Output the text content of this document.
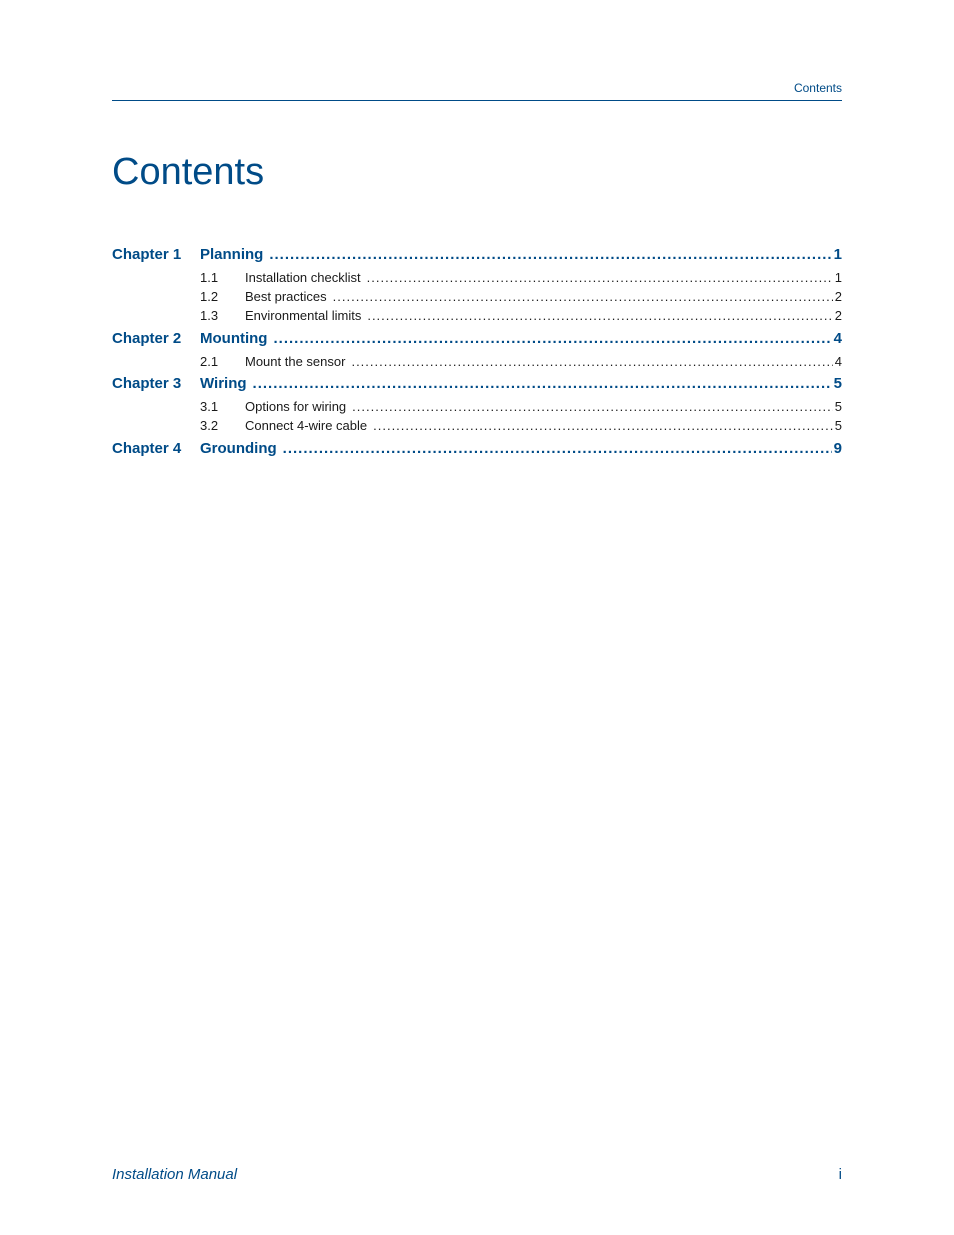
Contents
Contents
Chapter 1	Planning .....	1
1.1	Installation checklist .....	1
1.2	Best practices .....	2
1.3	Environmental limits .....	2
Chapter 2	Mounting .....	4
2.1	Mount the sensor .....	4
Chapter 3	Wiring .....	5
3.1	Options for wiring .....	5
3.2	Connect 4-wire cable .....	5
Chapter 4	Grounding .....	9
Installation Manual	i
